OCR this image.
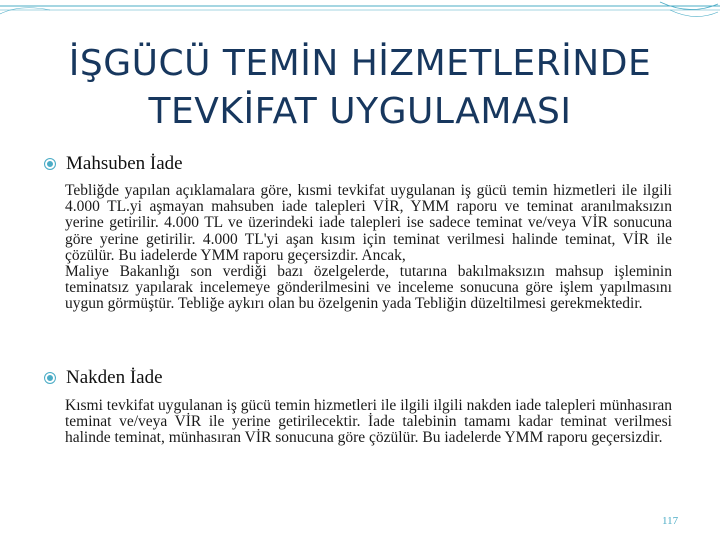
İŞGÜCÜ TEMİN HİZMETLERİNDE
TEVKİFAT UYGULAMASI
Mahsuben İade

Tebliğde yapılan açıklamalara göre, kısmi tevkifat uygulanan iş gücü temin hizmetleri ile ilgili 4.000 TL.yi aşmayan mahsuben iade talepleri VİR, YMM raporu ve teminat aranılmaksızın yerine getirilir. 4.000 TL ve üzerindeki iade talepleri ise sadece teminat ve/veya VİR sonucuna göre yerine getirilir. 4.000 TL'yi aşan kısım için teminat verilmesi halinde teminat, VİR ile çözülür. Bu iadelerde YMM raporu geçersizdir. Ancak,

Maliye Bakanlığı son verdiği bazı özelgelerde, tutarına bakılmaksızın mahsup işleminin teminatsız yapılarak incelemeye gönderilmesini ve inceleme sonucuna göre işlem yapılmasını uygun görmüştür. Tebliğe aykırı olan bu özelgenin yada Tebliğin düzeltilmesi gerekmektedir.

Nakden İade

Kısmi tevkifat uygulanan iş gücü temin hizmetleri ile ilgili ilgili nakden iade talepleri münhasıran teminat ve/veya VİR ile yerine getirilecektir. İade talebinin tamamı kadar teminat verilmesi halinde teminat, münhasıran VİR sonucuna göre çözülür. Bu iadelerde YMM raporu geçersizdir.

117
